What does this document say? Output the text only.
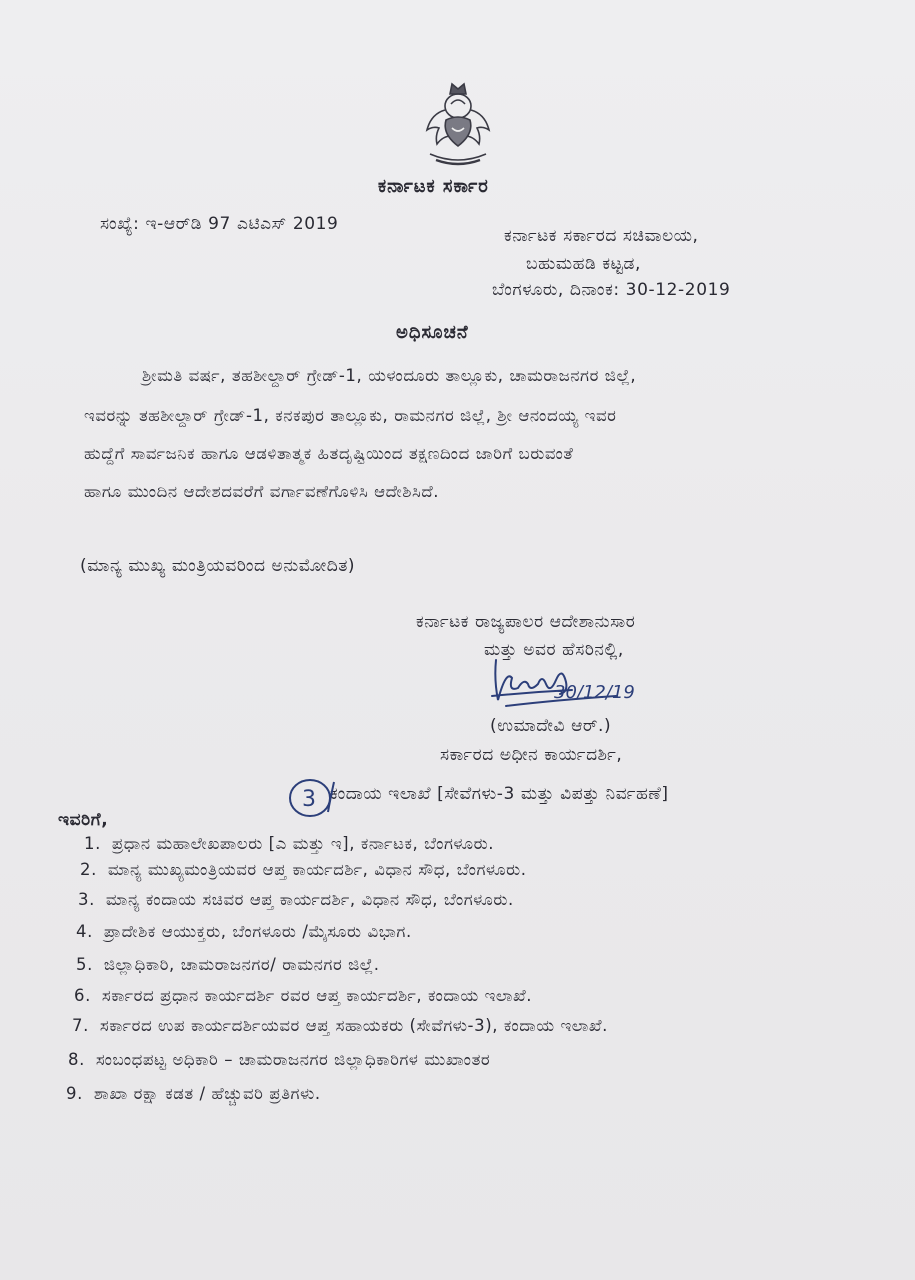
ಕರ್ನಾಟಕ ಸರ್ಕಾರ
ಸಂಖ್ಯೆ: ಇ-ಆರ್‌ಡಿ 97 ಎಟಿಎಸ್ 2019
ಕರ್ನಾಟಕ ಸರ್ಕಾರದ ಸಚಿವಾಲಯ,
ಬಹುಮಹಡಿ ಕಟ್ಟಡ,
ಬೆಂಗಳೂರು, ದಿನಾಂಕ: 30-12-2019
ಅಧಿಸೂಚನೆ
ಶ್ರೀಮತಿ ವರ್ಷ, ತಹಶೀಲ್ದಾರ್ ಗ್ರೇಡ್-1, ಯಳಂದೂರು ತಾಲ್ಲೂಕು, ಚಾಮರಾಜನಗರ ಜಿಲ್ಲೆ,
ಇವರನ್ನು ತಹಶೀಲ್ದಾರ್ ಗ್ರೇಡ್-1, ಕನಕಪುರ ತಾಲ್ಲೂಕು, ರಾಮನಗರ ಜಿಲ್ಲೆ, ಶ್ರೀ ಆನಂದಯ್ಯ ಇವರ
ಹುದ್ದೆಗೆ ಸಾರ್ವಜನಿಕ ಹಾಗೂ ಆಡಳಿತಾತ್ಮಕ ಹಿತದೃಷ್ಟಿಯಿಂದ ತಕ್ಷಣದಿಂದ ಜಾರಿಗೆ ಬರುವಂತೆ
ಹಾಗೂ ಮುಂದಿನ ಆದೇಶದವರೆಗೆ ವರ್ಗಾವಣೆಗೊಳಿಸಿ ಆದೇಶಿಸಿದೆ.
(ಮಾನ್ಯ ಮುಖ್ಯ ಮಂತ್ರಿಯವರಿಂದ ಅನುಮೋದಿತ)
ಕರ್ನಾಟಕ ರಾಜ್ಯಪಾಲರ ಆದೇಶಾನುಸಾರ
ಮತ್ತು ಅವರ ಹೆಸರಿನಲ್ಲಿ,
30/12/19
(ಉಮಾದೇವಿ ಆರ್.)
ಸರ್ಕಾರದ ಅಧೀನ ಕಾರ್ಯದರ್ಶಿ,
ಕಂದಾಯ ಇಲಾಖೆ [ಸೇವೆಗಳು-3 ಮತ್ತು ವಿಪತ್ತು ನಿರ್ವಹಣೆ]
3
ಇವರಿಗೆ,
1. ಪ್ರಧಾನ ಮಹಾಲೇಖಪಾಲರು [ಎ ಮತ್ತು ಇ], ಕರ್ನಾಟಕ, ಬೆಂಗಳೂರು.
2. ಮಾನ್ಯ ಮುಖ್ಯಮಂತ್ರಿಯವರ ಆಪ್ತ ಕಾರ್ಯದರ್ಶಿ, ವಿಧಾನ ಸೌಧ, ಬೆಂಗಳೂರು.
3. ಮಾನ್ಯ ಕಂದಾಯ ಸಚಿವರ ಆಪ್ತ ಕಾರ್ಯದರ್ಶಿ, ವಿಧಾನ ಸೌಧ, ಬೆಂಗಳೂರು.
4. ಪ್ರಾದೇಶಿಕ ಆಯುಕ್ತರು, ಬೆಂಗಳೂರು /ಮೈಸೂರು ವಿಭಾಗ.
5. ಜಿಲ್ಲಾಧಿಕಾರಿ, ಚಾಮರಾಜನಗರ/ ರಾಮನಗರ ಜಿಲ್ಲೆ.
6. ಸರ್ಕಾರದ ಪ್ರಧಾನ ಕಾರ್ಯದರ್ಶಿ ರವರ ಆಪ್ತ ಕಾರ್ಯದರ್ಶಿ, ಕಂದಾಯ ಇಲಾಖೆ.
7. ಸರ್ಕಾರದ ಉಪ ಕಾರ್ಯದರ್ಶಿಯವರ ಆಪ್ತ ಸಹಾಯಕರು (ಸೇವೆಗಳು-3), ಕಂದಾಯ ಇಲಾಖೆ.
8. ಸಂಬಂಧಪಟ್ಟ ಅಧಿಕಾರಿ – ಚಾಮರಾಜನಗರ ಜಿಲ್ಲಾಧಿಕಾರಿಗಳ ಮುಖಾಂತರ
9. ಶಾಖಾ ರಕ್ಷಾ ಕಡತ / ಹೆಚ್ಚುವರಿ ಪ್ರತಿಗಳು.
